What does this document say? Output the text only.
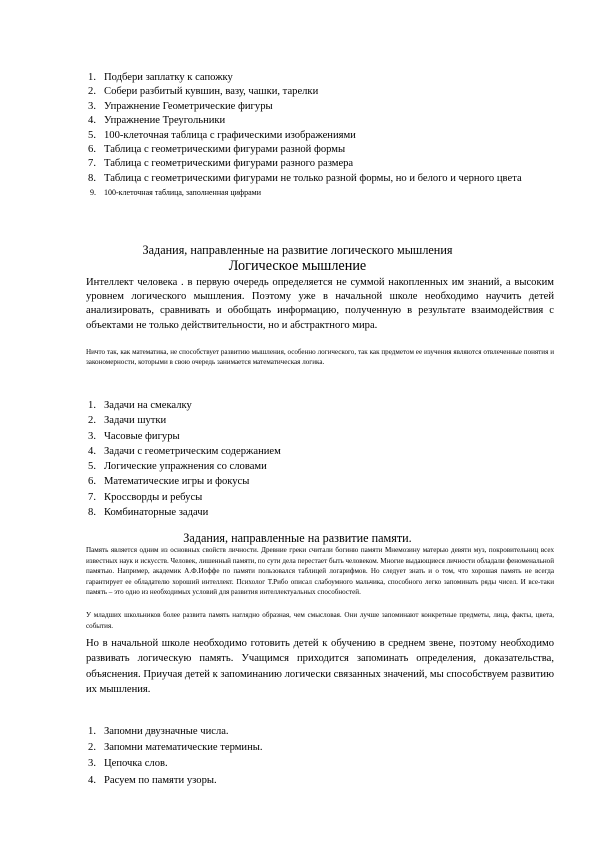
1. Подбери заплатку к сапожку
2. Собери разбитый кувшин, вазу, чашки, тарелки
3. Упражнение Геометрические фигуры
4. Упражнение Треугольники
5. 100-клеточная таблица с графическими изображениями
6. Таблица с геометрическими фигурами разной формы
7. Таблица с геометрическими фигурами разного размера
8. Таблица с геометрическими фигурами не только разной формы, но и белого и черного цвета
9. 100-клеточная таблица, заполненная цифрами
Задания, направленные на развитие логического мышления
Логическое мышление

Интеллект человека . в первую очередь определяется не суммой накопленных им знаний, а высоким уровнем логического мышления. Поэтому уже в начальной школе необходимо научить детей анализировать, сравнивать и обобщать информацию, полученную в результате взаимодействия с объектами не только действительности, но и абстрактного мира.

Ничто так, как математика, не способствует развитию мышления, особенно логического, так как предметом ее изучения являются отвлеченные понятия и закономерности, которыми в свою очередь занимается математическая логика.

1. Задачи на смекалку
2. Задачи шутки
3. Часовые фигуры
4. Задачи с геометрическим содержанием
5. Логические упражнения со словами
6. Математические игры и фокусы
7. Кроссворды и ребусы
8. Комбинаторные задачи
Задания, направленные на развитие памяти.

Память является одним из основных свойств личности. Древние греки считали богиню памяти Мнемозину матерью девяти муз, покровительниц всех известных наук и искусств. Человек, лишенный памяти, по сути дела перестает быть человеком. Многие выдающиеся личности обладали феноменальной памятью. Например, академик А.Ф.Иоффе по памяти пользовался таблицей логарифмов. Но следует знать и о том, что хорошая память не всегда гарантирует ее обладателю хороший интеллект. Психолог Т.Рибо описал слабоумного мальчика, способного легко запоминать ряды чисел. И все-таки память – это одно из необходимых условий для развития интеллектуальных способностей.

У младших школьников более развита память наглядно образная, чем смысловая. Они лучше запоминают конкретные предметы, лица, факты, цвета, события.

Но в начальной школе необходимо готовить детей к обучению в среднем звене, поэтому необходимо развивать логическую память. Учащимся приходится запоминать определения, доказательства, объяснения. Приучая детей к запоминанию логически связанных значений, мы способствуем развитию их мышления.

1. Запомни двузначные числа.
2. Запомни математические термины.
3. Цепочка слов.
4. Расуем по памяти узоры.
